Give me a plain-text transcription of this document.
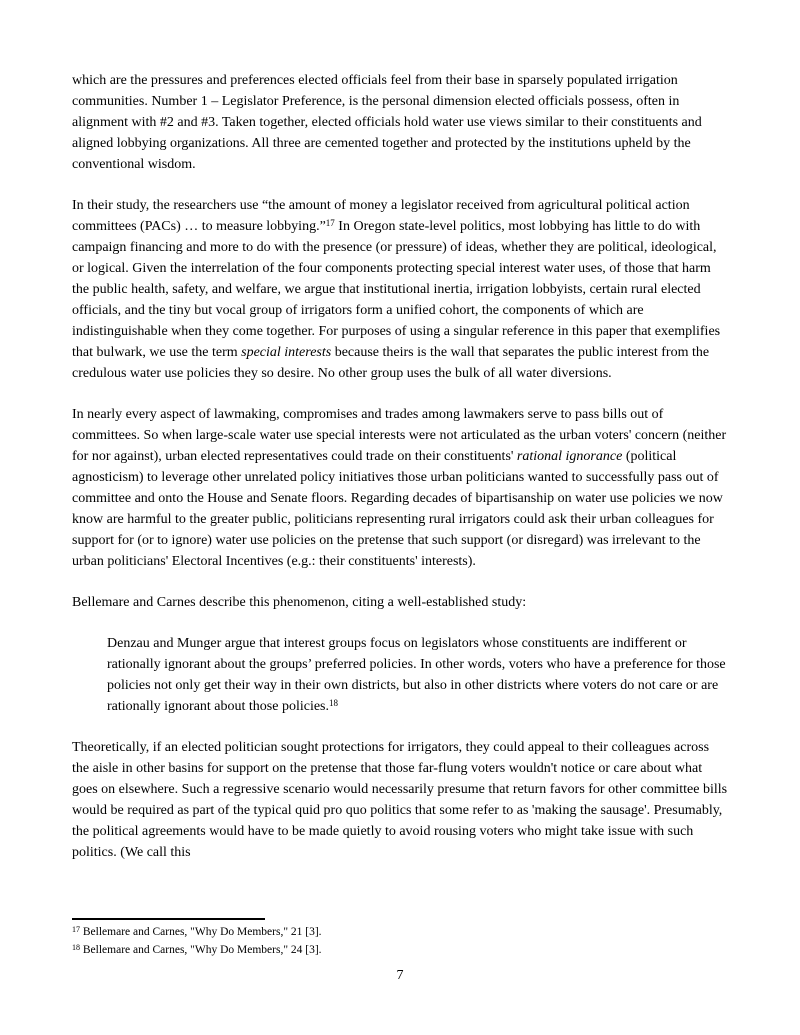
which are the pressures and preferences elected officials feel from their base in sparsely populated irrigation communities. Number 1 – Legislator Preference, is the personal dimension elected officials possess, often in alignment with #2 and #3. Taken together, elected officials hold water use views similar to their constituents and aligned lobbying organizations. All three are cemented together and protected by the institutions upheld by the conventional wisdom.

In their study, the researchers use “the amount of money a legislator received from agricultural political action committees (PACs) … to measure lobbying.”$^{17}$ In Oregon state-level politics, most lobbying has little to do with campaign financing and more to do with the presence (or pressure) of ideas, whether they are political, ideological, or logical. Given the interrelation of the four components protecting special interest water uses, of those that harm the public health, safety, and welfare, we argue that institutional inertia, irrigation lobbyists, certain rural elected officials, and the tiny but vocal group of irrigators form a unified cohort, the components of which are indistinguishable when they come together. For purposes of using a singular reference in this paper that exemplifies that bulwark, we use the term special interests because theirs is the wall that separates the public interest from the credulous water use policies they so desire. No other group uses the bulk of all water diversions.

In nearly every aspect of lawmaking, compromises and trades among lawmakers serve to pass bills out of committees. So when large-scale water use special interests were not articulated as the urban voters' concern (neither for nor against), urban elected representatives could trade on their constituents' rational ignorance (political agnosticism) to leverage other unrelated policy initiatives those urban politicians wanted to successfully pass out of committee and onto the House and Senate floors. Regarding decades of bipartisanship on water use policies we now know are harmful to the greater public, politicians representing rural irrigators could ask their urban colleagues for support for (or to ignore) water use policies on the pretense that such support (or disregard) was irrelevant to the urban politicians' Electoral Incentives (e.g.: their constituents' interests).

Bellemare and Carnes describe this phenomenon, citing a well-established study:

Denzau and Munger argue that interest groups focus on legislators whose constituents are indifferent or rationally ignorant about the groups’ preferred policies. In other words, voters who have a preference for those policies not only get their way in their own districts, but also in other districts where voters do not care or are rationally ignorant about those policies.$^{18}$

Theoretically, if an elected politician sought protections for irrigators, they could appeal to their colleagues across the aisle in other basins for support on the pretense that those far-flung voters wouldn't notice or care about what goes on elsewhere. Such a regressive scenario would necessarily presume that return favors for other committee bills would be required as part of the typical quid pro quo politics that some refer to as 'making the sausage'. Presumably, the political agreements would have to be made quietly to avoid rousing voters who might take issue with such politics. (We call this

$^{17}$ Bellemare and Carnes, "Why Do Members," 21 [3].

$^{18}$ Bellemare and Carnes, "Why Do Members," 24 [3].

7
